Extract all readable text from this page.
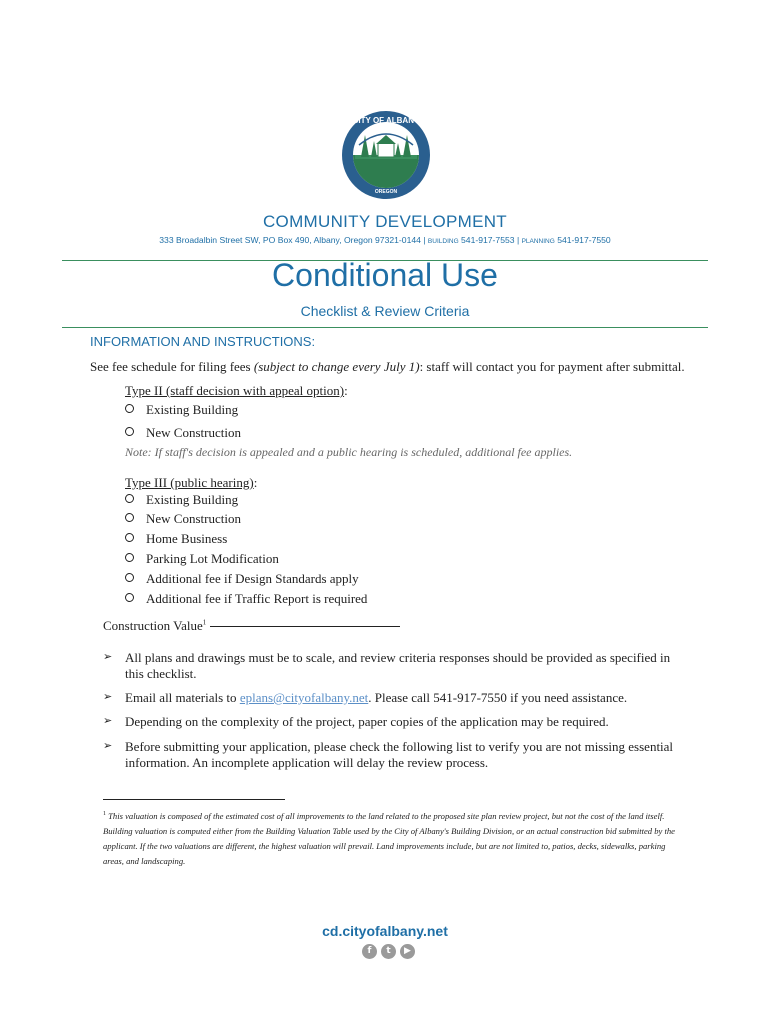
CITY OF ALBANY
OREGON
COMMUNITY DEVELOPMENT
333 Broadalbin Street SW, PO Box 490, Albany, Oregon 97321-0144 | BUILDING 541-917-7553 | PLANNING 541-917-7550
Conditional Use
Checklist & Review Criteria
INFORMATION AND INSTRUCTIONS:
See fee schedule for filing fees (subject to change every July 1): staff will contact you for payment after submittal.
Type II (staff decision with appeal option):
Existing Building
New Construction
Note: If staff's decision is appealed and a public hearing is scheduled, additional fee applies.
Type III (public hearing):
Existing Building
New Construction
Home Business
Parking Lot Modification
Additional fee if Design Standards apply
Additional fee if Traffic Report is required
Construction Value$^1$
➢ All plans and drawings must be to scale, and review criteria responses should be provided as specified in this checklist.
➢ Email all materials to eplans@cityofalbany.net. Please call 541-917-7550 if you need assistance.
➢ Depending on the complexity of the project, paper copies of the application may be required.
➢ Before submitting your application, please check the following list to verify you are not missing essential information. An incomplete application will delay the review process.
$^1$ This valuation is composed of the estimated cost of all improvements to the land related to the proposed site plan review project, but not the cost of the land itself. Building valuation is computed either from the Building Valuation Table used by the City of Albany's Building Division, or an actual construction bid submitted by the applicant. If the two valuations are different, the highest valuation will prevail. Land improvements include, but are not limited to, patios, decks, sidewalks, parking areas, and landscaping.
cd.cityofalbany.net
f	t	▶
